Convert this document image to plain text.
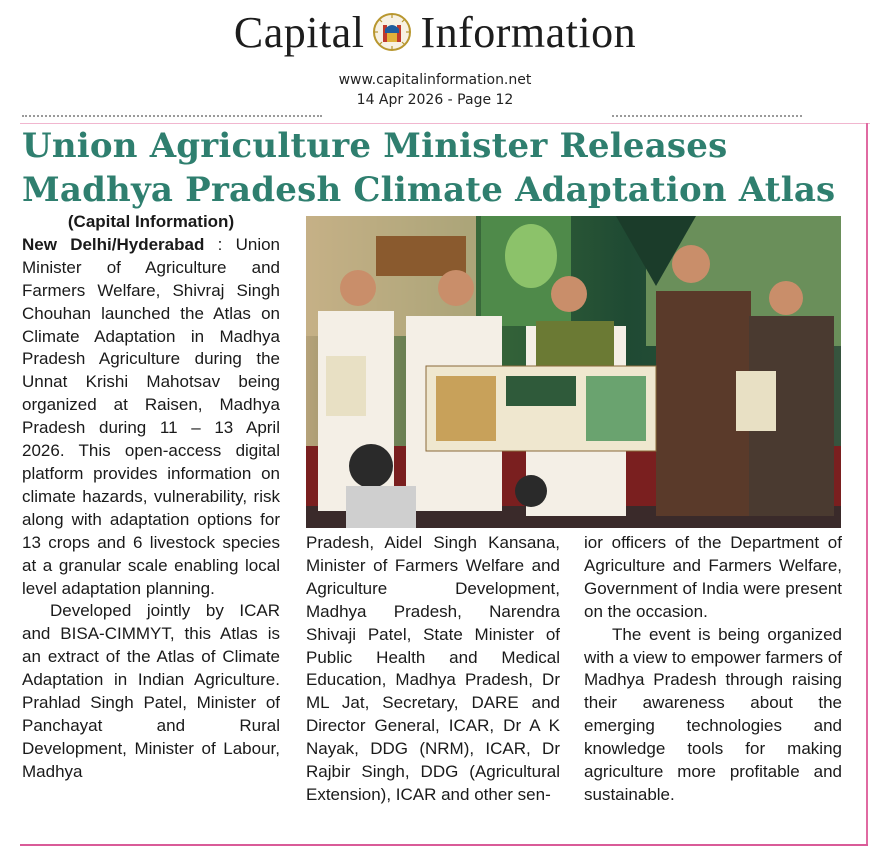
Capital Information
www.capitalinformation.net
14 Apr 2026 - Page 12
Union Agriculture Minister Releases
Madhya Pradesh Climate Adaptation Atlas

(Capital Information)

New Delhi/Hyderabad : Union Minister of Agriculture and Farmers Welfare, Shivraj Singh Chouhan launched the Atlas on Climate Adaptation in Madhya Pradesh Agriculture during the Unnat Krishi Mahotsav being organized at Raisen, Madhya Pradesh during 11 – 13 April 2026. This open-access digital platform provides information on climate hazards, vulnerability, risk along with adaptation options for 13 crops and 6 livestock species at a granular scale enabling local level adaptation planning.

Developed jointly by ICAR and BISA-CIMMYT, this Atlas is an extract of the Atlas of Climate Adaptation in Indian Agriculture. Prahlad Singh Patel, Minister of Panchayat and Rural Development, Minister of Labour, Madhya

Pradesh, Aidel Singh Kansana, Minister of Farmers Welfare and Agriculture Development, Madhya Pradesh, Narendra Shivaji Patel, State Minister of Public Health and Medical Education, Madhya Pradesh, Dr ML Jat, Secretary, DARE and Director General, ICAR, Dr A K Nayak, DDG (NRM), ICAR, Dr Rajbir Singh, DDG (Agricultural Extension), ICAR and other sen-

ior officers of the Department of Agriculture and Farmers Welfare, Government of India were present on the occasion.

The event is being organized with a view to empower farmers of Madhya Pradesh through raising their awareness about the emerging technologies and knowledge tools for making agriculture more profitable and sustainable.
